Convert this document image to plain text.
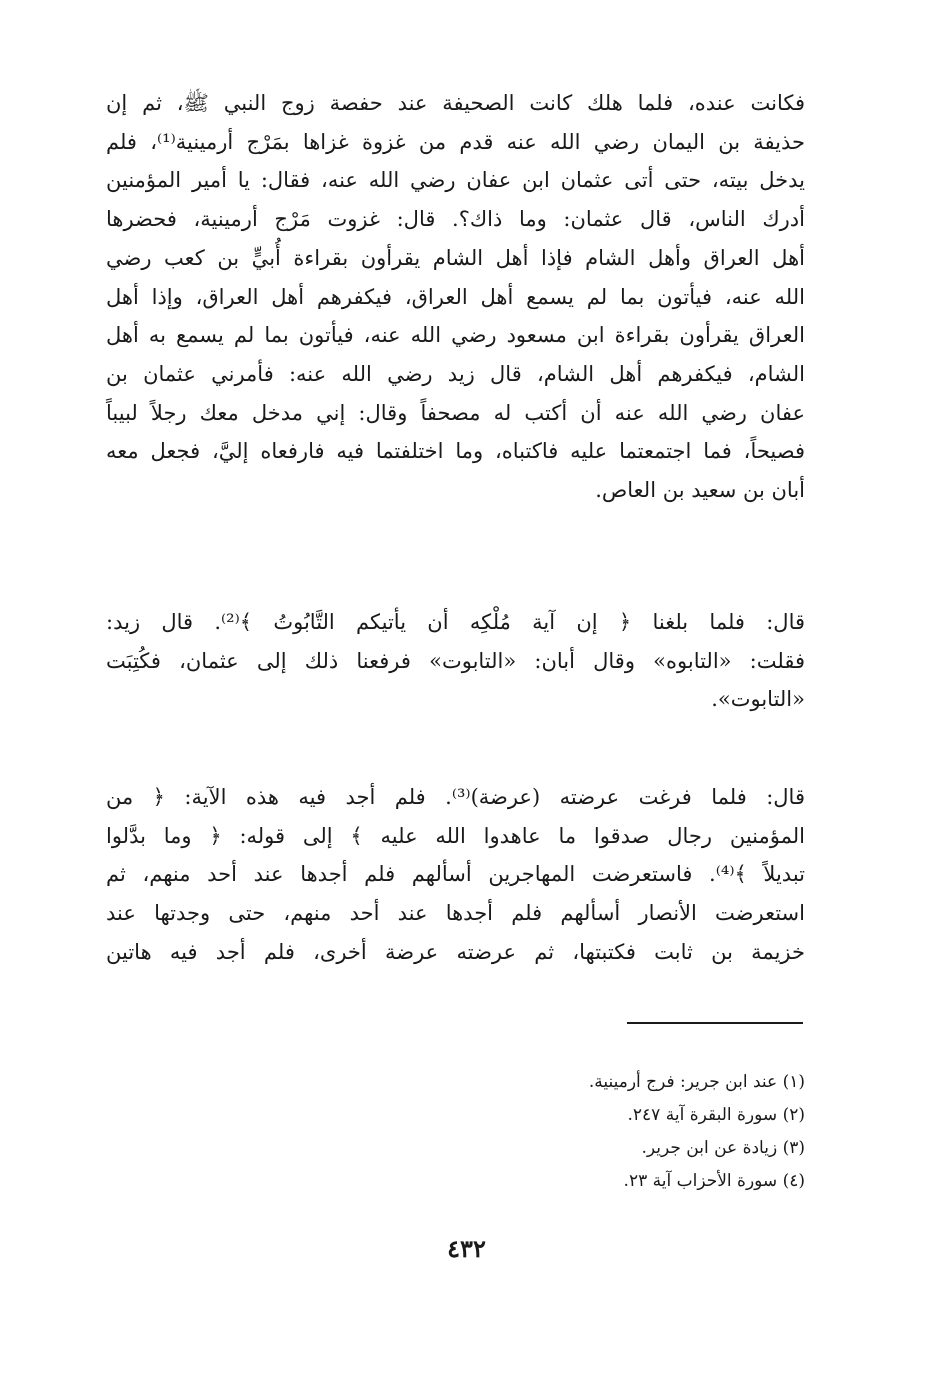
فكانت عنده، فلما هلك كانت الصحيفة عند حفصة زوج النبي ﷺ، ثم إن
حذيفة بن اليمان رضي الله عنه قدم من غزوة غزاها بمَرْج أرمينية⁽¹⁾، فلم
يدخل بيته، حتى أتى عثمان ابن عفان رضي الله عنه، فقال: يا أمير المؤمنين
أدرك الناس، قال عثمان: وما ذاك؟. قال: غزوت مَرْج أرمينية، فحضرها
أهل العراق وأهل الشام فإذا أهل الشام يقرأون بقراءة أُبيٍّ بن كعب رضي
الله عنه، فيأتون بما لم يسمع أهل العراق، فيكفرهم أهل العراق، وإذا أهل
العراق يقرأون بقراءة ابن مسعود رضي الله عنه، فيأتون بما لم يسمع به أهل
الشام، فيكفرهم أهل الشام، قال زيد رضي الله عنه: فأمرني عثمان بن
عفان رضي الله عنه أن أكتب له مصحفاً وقال: إني مدخل معك رجلاً لبيباً
فصيحاً، فما اجتمعتما عليه فاكتباه، وما اختلفتما فيه فارفعاه إليَّ، فجعل معه
أبان بن سعيد بن العاص.
قال: فلما بلغنا ﴿ إن آية مُلْكِه أن يأتيكم التَّابُوتُ ﴾⁽²⁾. قال زيد:
فقلت: «التابوه» وقال أبان: «التابوت» فرفعنا ذلك إلى عثمان، فكُتِبَت
«التابوت».
قال: فلما فرغت عرضته (عرضة)⁽³⁾. فلم أجد فيه هذه الآية: ﴿ من
المؤمنين رجال صدقوا ما عاهدوا الله عليه ﴾ إلى قوله: ﴿ وما بدَّلوا
تبديلاً ﴾⁽⁴⁾. فاستعرضت المهاجرين أسألهم فلم أجدها عند أحد منهم، ثم
استعرضت الأنصار أسألهم فلم أجدها عند أحد منهم، حتى وجدتها عند
خزيمة بن ثابت فكتبتها، ثم عرضته عرضة أخرى، فلم أجد فيه هاتين
(١) عند ابن جرير: فرج أرمينية.
(٢) سورة البقرة آية ٢٤٧.
(٣) زيادة عن ابن جرير.
(٤) سورة الأحزاب آية ٢٣.
٤٣٢
